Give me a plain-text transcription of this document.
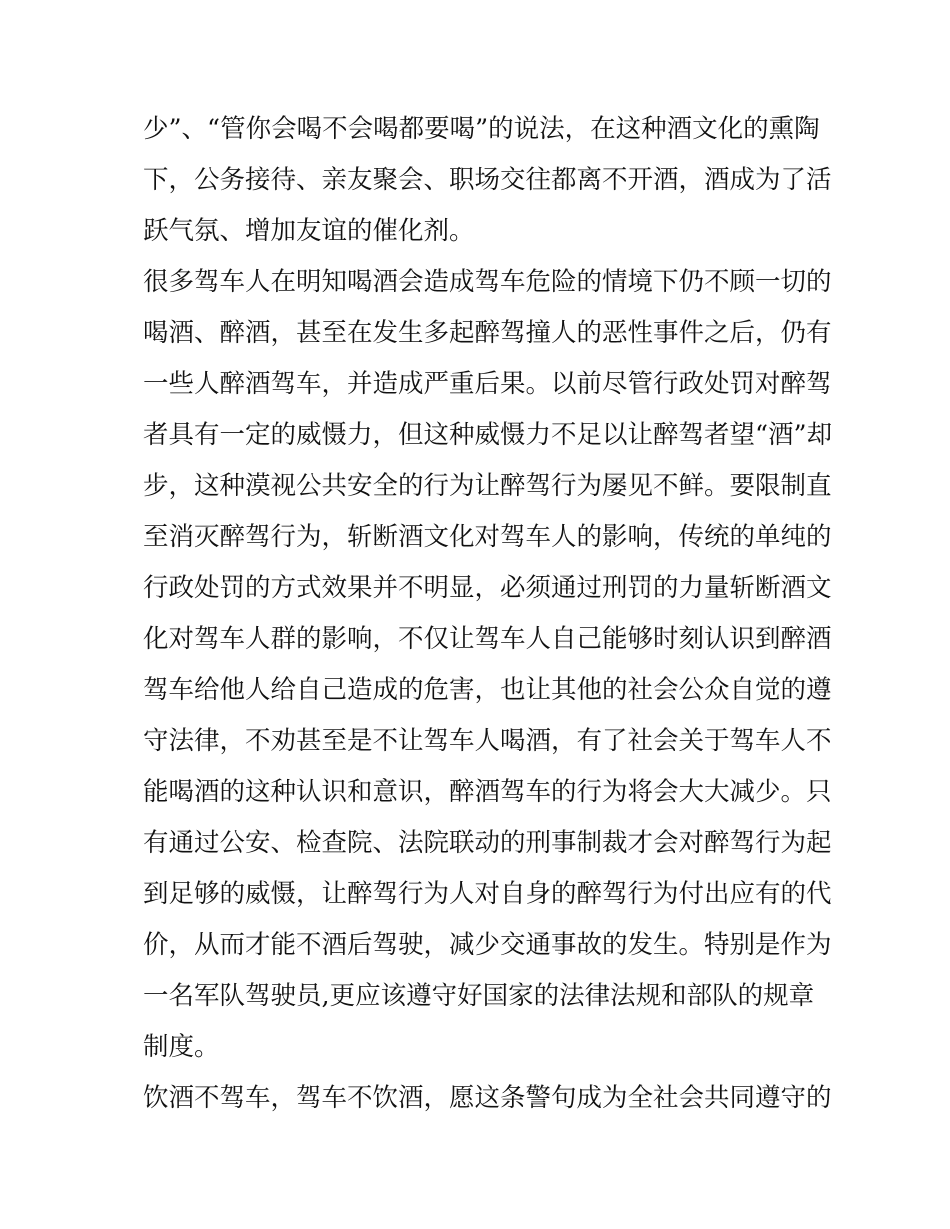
少”、“管你会喝不会喝都要喝”的说法，在这种酒文化的熏陶

下，公务接待、亲友聚会、职场交往都离不开酒，酒成为了活

跃气氛、增加友谊的催化剂。

很多驾车人在明知喝酒会造成驾车危险的情境下仍不顾一切的

喝酒、醉酒，甚至在发生多起醉驾撞人的恶性事件之后，仍有

一些人醉酒驾车，并造成严重后果。以前尽管行政处罚对醉驾

者具有一定的威慑力，但这种威慑力不足以让醉驾者望“酒”却

步，这种漠视公共安全的行为让醉驾行为屡见不鲜。要限制直

至消灭醉驾行为，斩断酒文化对驾车人的影响，传统的单纯的

行政处罚的方式效果并不明显，必须通过刑罚的力量斩断酒文

化对驾车人群的影响，不仅让驾车人自己能够时刻认识到醉酒

驾车给他人给自己造成的危害，也让其他的社会公众自觉的遵

守法律，不劝甚至是不让驾车人喝酒，有了社会关于驾车人不

能喝酒的这种认识和意识，醉酒驾车的行为将会大大减少。只

有通过公安、检查院、法院联动的刑事制裁才会对醉驾行为起

到足够的威慑，让醉驾行为人对自身的醉驾行为付出应有的代

价，从而才能不酒后驾驶，减少交通事故的发生。特别是作为

一名军队驾驶员,更应该遵守好国家的法律法规和部队的规章

制度。

饮酒不驾车，驾车不饮酒，愿这条警句成为全社会共同遵守的
